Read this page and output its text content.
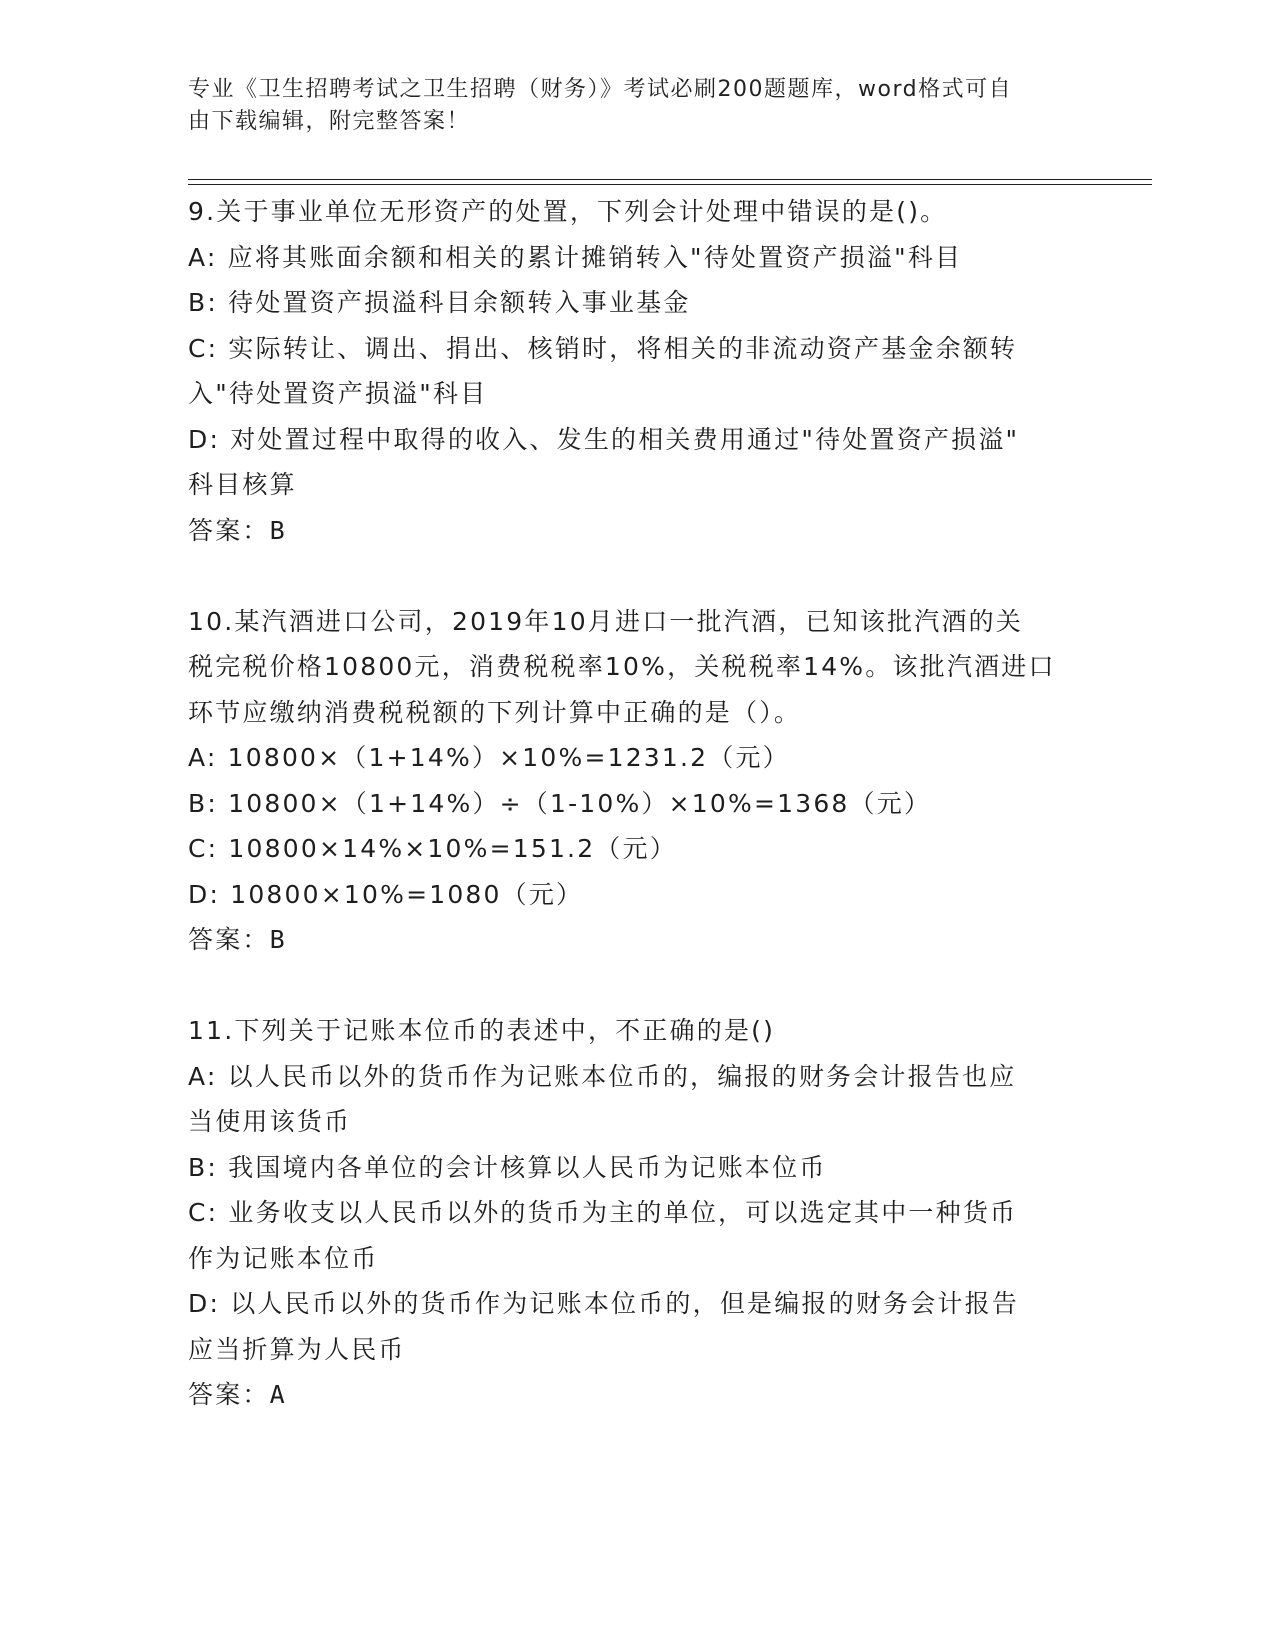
专业《卫生招聘考试之卫生招聘（财务）》考试必刷200题题库，word格式可自
由下载编辑，附完整答案！
9.关于事业单位无形资产的处置，下列会计处理中错误的是()。
A: 应将其账面余额和相关的累计摊销转入"待处置资产损溢"科目
B: 待处置资产损溢科目余额转入事业基金
C: 实际转让、调出、捐出、核销时，将相关的非流动资产基金余额转
入"待处置资产损溢"科目
D: 对处置过程中取得的收入、发生的相关费用通过"待处置资产损溢"
科目核算
答案：B
10.某汽酒进口公司，2019年10月进口一批汽酒，已知该批汽酒的关
税完税价格10800元，消费税税率10%，关税税率14%。该批汽酒进口
环节应缴纳消费税税额的下列计算中正确的是（）。
A: 10800×（1+14%）×10%=1231.2（元）
B: 10800×（1+14%）÷（1-10%）×10%=1368（元）
C: 10800×14%×10%=151.2（元）
D: 10800×10%=1080（元）
答案：B
11.下列关于记账本位币的表述中，不正确的是()
A: 以人民币以外的货币作为记账本位币的，编报的财务会计报告也应
当使用该货币
B: 我国境内各单位的会计核算以人民币为记账本位币
C: 业务收支以人民币以外的货币为主的单位，可以选定其中一种货币
作为记账本位币
D: 以人民币以外的货币作为记账本位币的，但是编报的财务会计报告
应当折算为人民币
答案：A
